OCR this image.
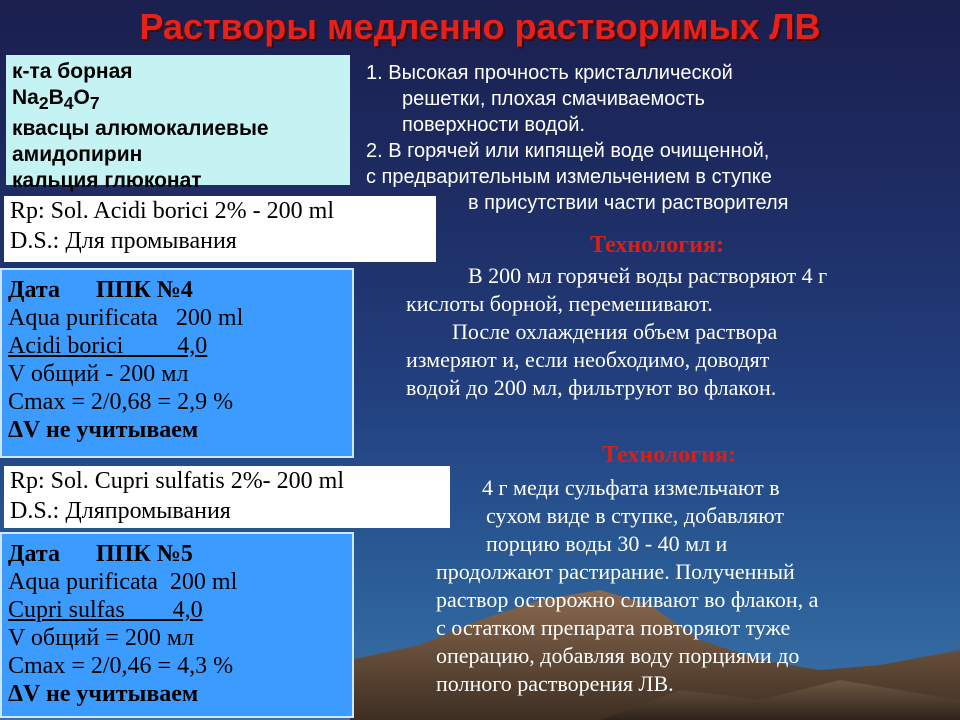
Растворы медленно растворимых ЛВ
к-та борная
$Na_2B_4O_7$
квасцы алюмокалиевые
амидопирин
кальция глюконат
1. Высокая прочность кристаллической
решетки, плохая смачиваемость
поверхности водой.
2. В горячей или кипящей воде очищенной,
с предварительным измельчением в ступке
в присутствии части растворителя
Rp: Sol. Acidi borici 2% - 200 ml
D.S.: Для промывания
Дата ППК №4
Aqua purificata   200 ml
Acidi borici         4,0
V общий - 200 мл
Cmax = 2/0,68 = 2,9 %
ΔV не учитываем
Технология:
В 200 мл горячей воды растворяют 4 г
кислоты борной, перемешивают.
После охлаждения объем раствора
измеряют и, если необходимо, доводят
водой до 200 мл, фильтруют во флакон.
Rp: Sol. Cupri sulfatis 2%- 200 ml
D.S.: Дляпромывания
Дата ППК №5
Aqua purificata  200 ml
Cupri sulfas        4,0
V общий = 200 мл
Cmax = 2/0,46 = 4,3 %
ΔV не учитываем
Технология:
4 г меди сульфата измельчают в
сухом виде в ступке, добавляют
порцию воды 30 - 40 мл и
продолжают растирание. Полученный
раствор осторожно сливают во флакон, а
с остатком препарата повторяют туже
операцию, добавляя воду порциями до
полного растворения ЛВ.
